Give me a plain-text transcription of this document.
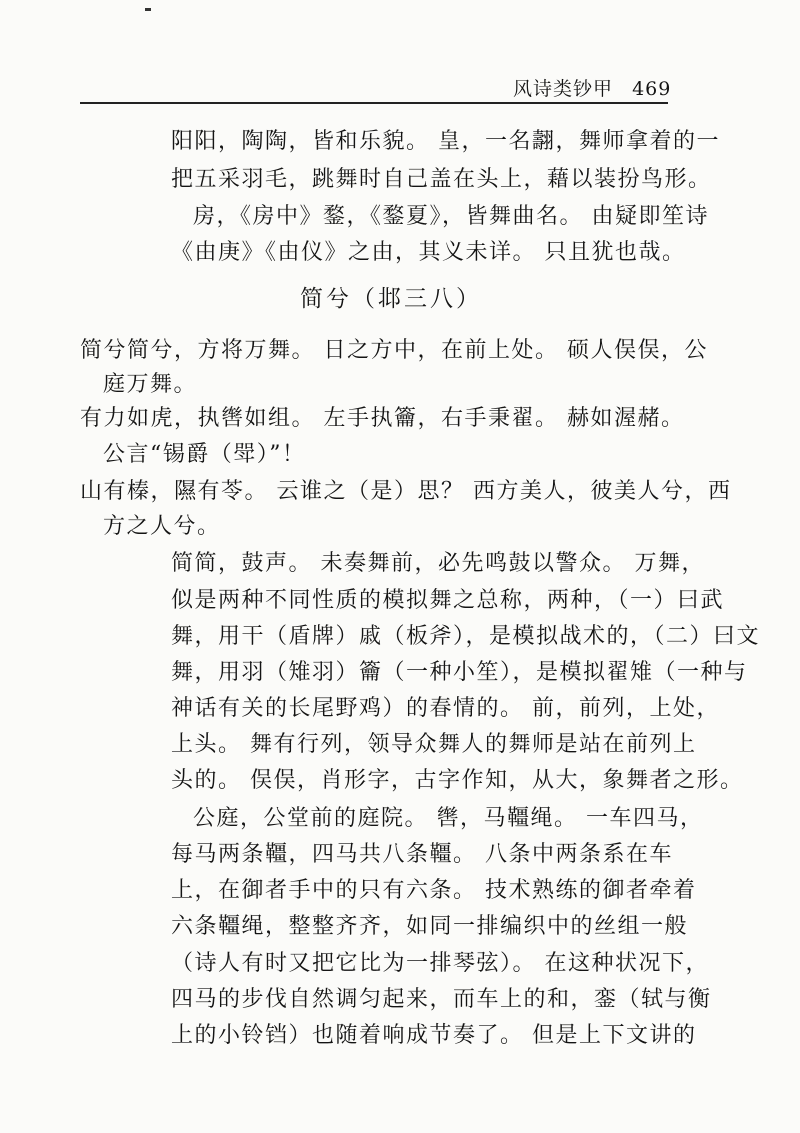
风诗类钞甲 469
阳阳，陶陶，皆和乐貌。 皇，一名翿，舞师拿着的一
把五采羽毛，跳舞时自己盖在头上，藉以装扮鸟形。
房，《房中》鍪，《鍪夏》，皆舞曲名。 由疑即笙诗
《由庚》《由仪》之由，其义未详。 只且犹也哉。
简兮（邶三八）
简兮简兮，方将万舞。 日之方中，在前上处。 硕人俣俣，公
庭万舞。
有力如虎，执辔如组。 左手执籥，右手秉翟。 赫如渥赭。
公言“锡爵（斝）”！
山有榛，隰有苓。 云谁之（是）思？ 西方美人，彼美人兮，西
方之人兮。
简简，鼓声。 未奏舞前，必先鸣鼓以警众。 万舞，
似是两种不同性质的模拟舞之总称，两种，（一）曰武
舞，用干（盾牌）戚（板斧），是模拟战术的，（二）曰文
舞，用羽（雉羽）籥（一种小笙），是模拟翟雉（一种与
神话有关的长尾野鸡）的春情的。 前，前列，上处，
上头。 舞有行列，领导众舞人的舞师是站在前列上
头的。 俣俣，肖形字，古字作知，从大，象舞者之形。
公庭，公堂前的庭院。 辔，马韁绳。 一车四马，
每马两条韁，四马共八条韁。 八条中两条系在车
上，在御者手中的只有六条。 技术熟练的御者牵着
六条韁绳，整整齐齐，如同一排编织中的丝组一般
（诗人有时又把它比为一排琴弦）。 在这种状况下，
四马的步伐自然调匀起来，而车上的和，銮（轼与衡
上的小铃铛）也随着响成节奏了。 但是上下文讲的
